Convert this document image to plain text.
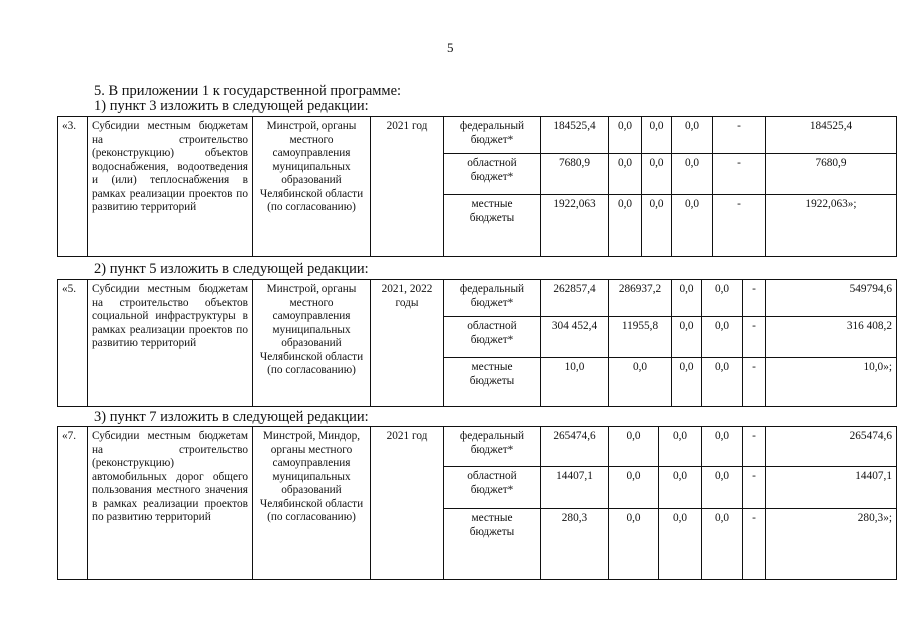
5
5. В приложении 1 к государственной программе:
1) пункт 3 изложить в следующей редакции:
«3.	Субсидии местным бюджетам на строительство (реконструкцию) объектов водоснабжения, водоотведения и (или) теплоснабжения в рамках реализации проектов по развитию территорий	Минстрой, органы местного самоуправления муниципальных образований Челябинской области (по согласованию)	2021 год	федеральный бюджет*	184525,4	0,0	0,0	0,0	-	184525,4
				областной бюджет*	7680,9	0,0	0,0	0,0	-	7680,9
				местные бюджеты	1922,063	0,0	0,0	0,0	-	1922,063»;
2) пункт 5 изложить в следующей редакции:
«5.	Субсидии местным бюджетам на строительство объектов социальной инфраструктуры в рамках реализации проектов по развитию территорий	Минстрой, органы местного самоуправления муниципальных образований Челябинской области (по согласованию)	2021, 2022 годы	федеральный бюджет*	262857,4	286937,2	0,0	0,0	-	549794,6
				областной бюджет*	304 452,4	11955,8	0,0	0,0	-	316 408,2
				местные бюджеты	10,0	0,0	0,0	0,0	-	10,0»;
3) пункт 7 изложить в следующей редакции:
«7.	Субсидии местным бюджетам на строительство (реконструкцию) автомобильных дорог общего пользования местного значения в рамках реализации проектов по развитию территорий	Минстрой, Миндор, органы местного самоуправления муниципальных образований Челябинской области (по согласованию)	2021 год	федеральный бюджет*	265474,6	0,0	0,0	0,0	-	265474,6
				областной бюджет*	14407,1	0,0	0,0	0,0	-	14407,1
				местные бюджеты	280,3	0,0	0,0	0,0	-	280,3»;
